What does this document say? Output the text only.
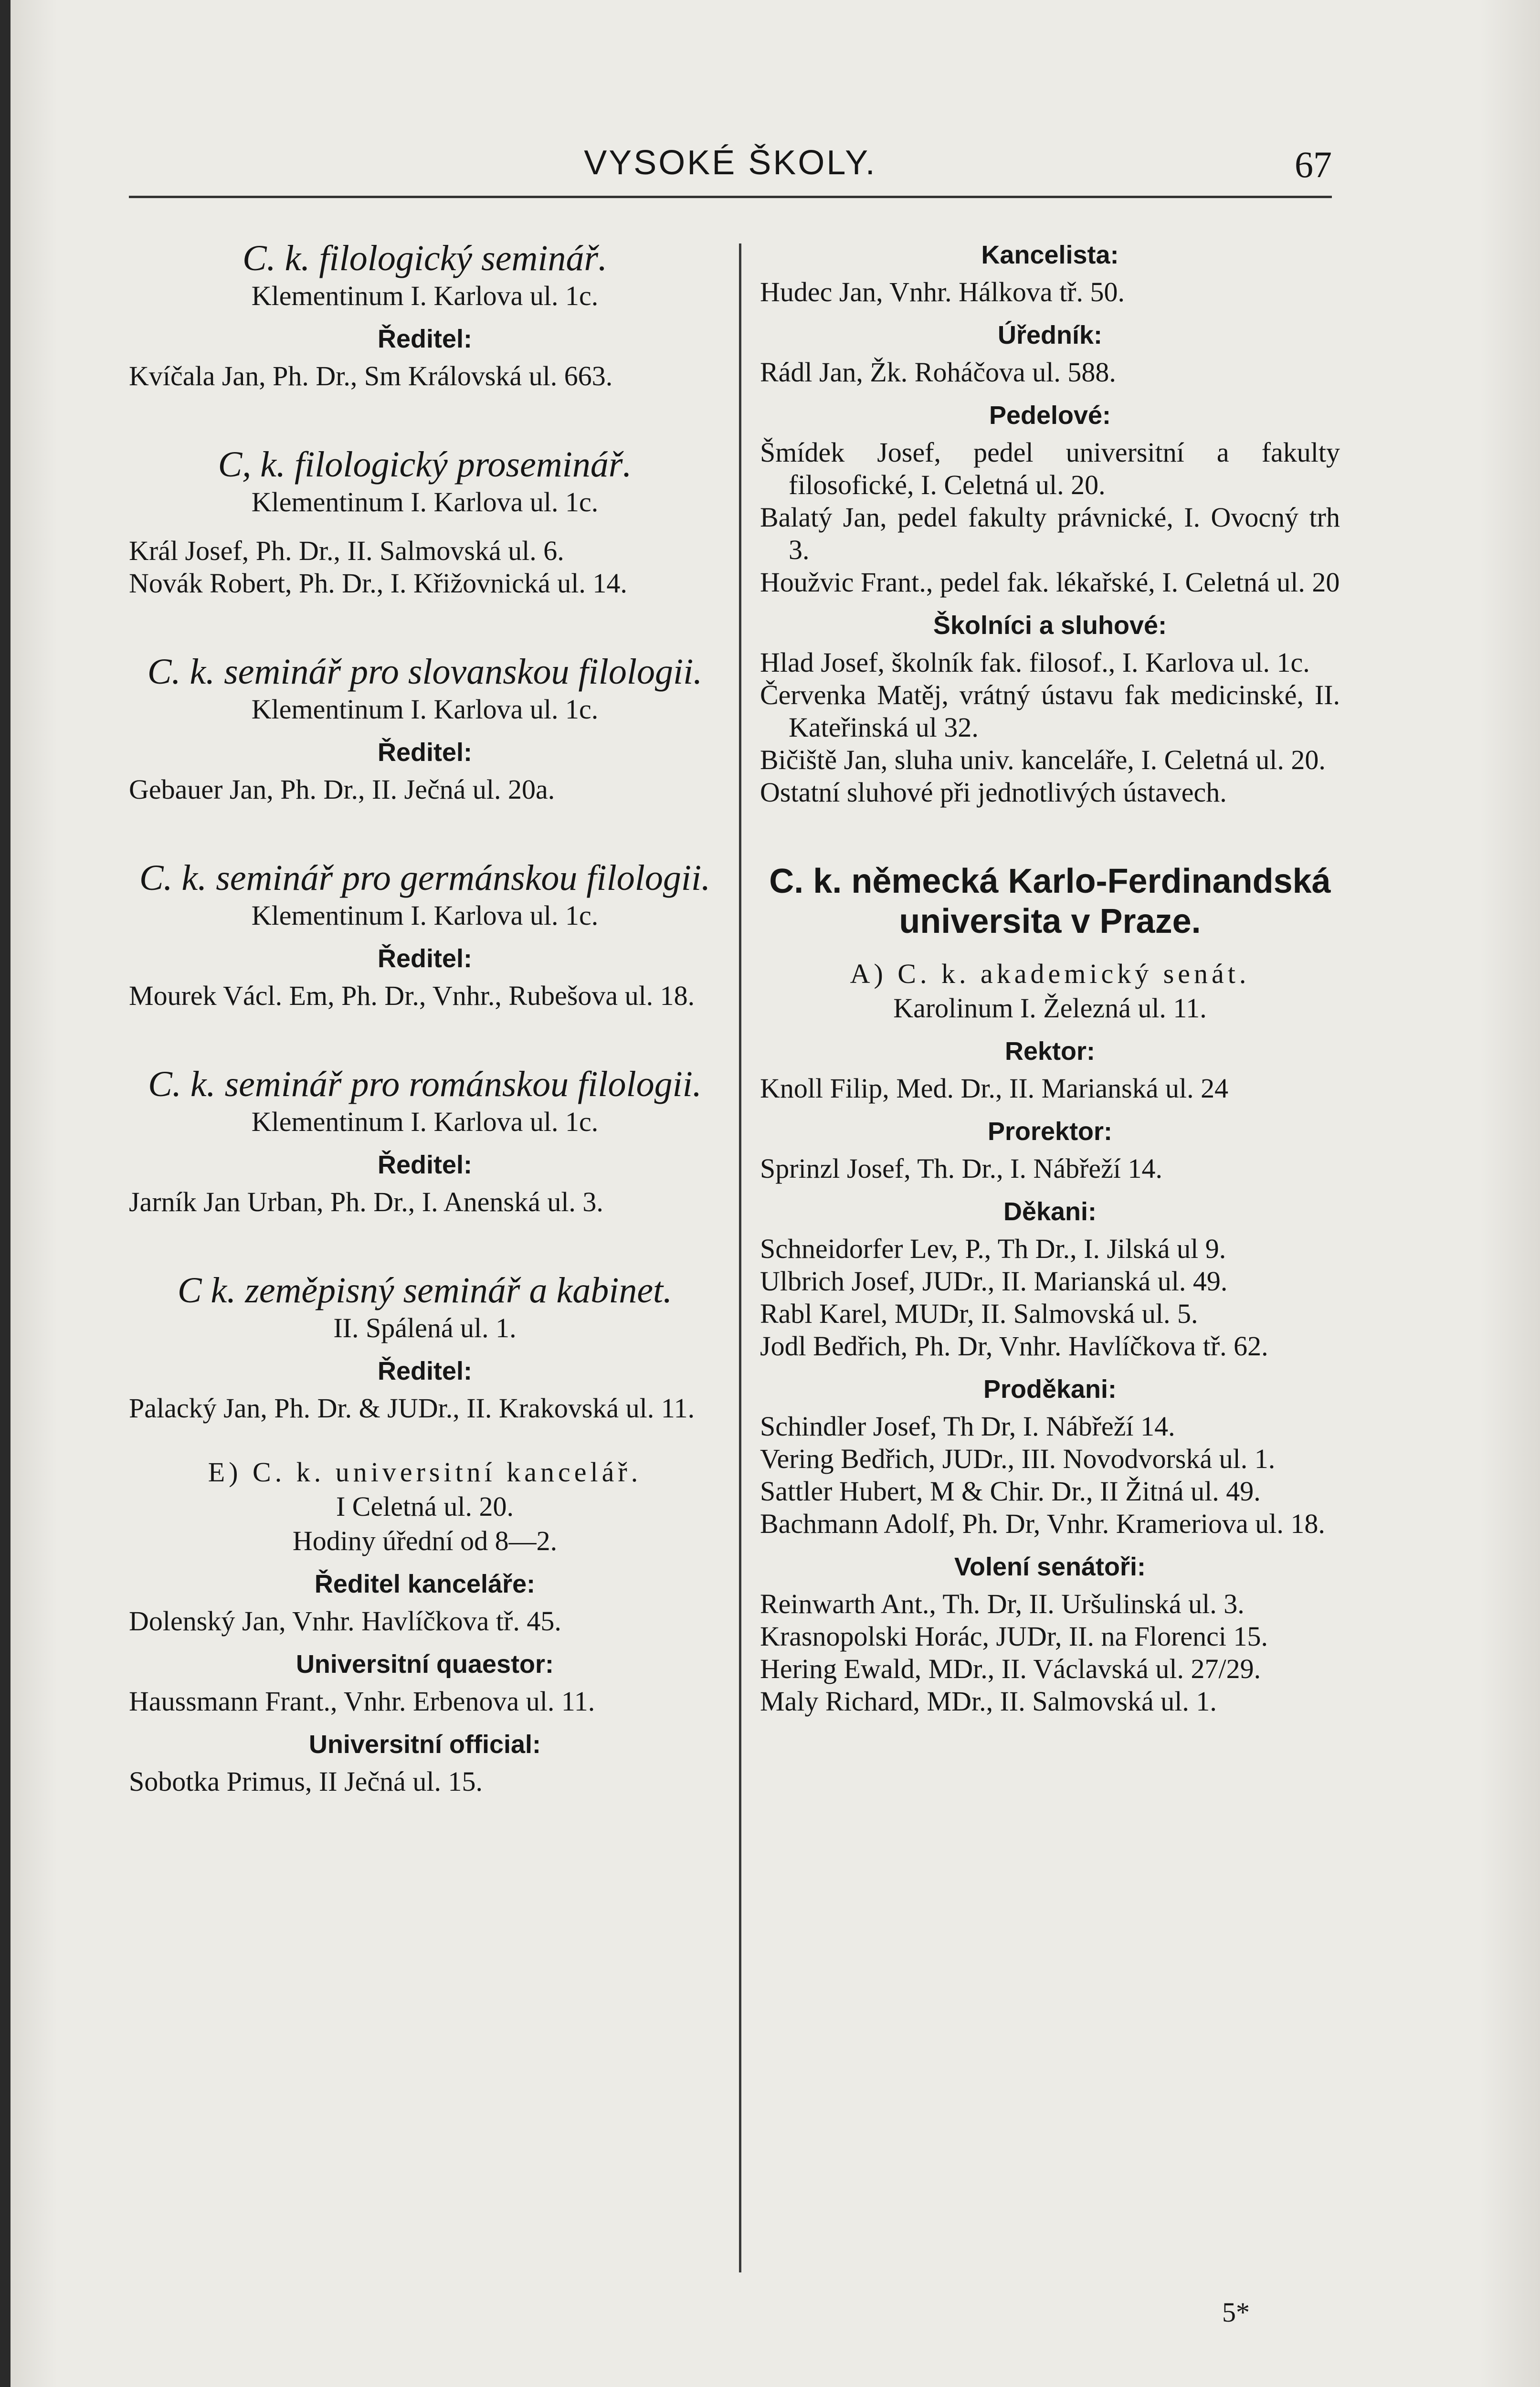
VYSOKÉ ŠKOLY.	67

C. k. filologický seminář.

Klementinum I. Karlova ul. 1c.
Ředitel:

Kvíčala Jan, Ph. Dr., Sm Královská ul. 663.

C, k. filologický proseminář.

Klementinum I. Karlova ul. 1c.

Král Josef, Ph. Dr., II. Salmovská ul. 6.

Novák Robert, Ph. Dr., I. Křižovnická ul. 14.

C. k. seminář pro slovanskou filologii.

Klementinum I. Karlova ul. 1c.
Ředitel:

Gebauer Jan, Ph. Dr., II. Ječná ul. 20a.

C. k. seminář pro germánskou filologii.

Klementinum I. Karlova ul. 1c.
Ředitel:

Mourek Václ. Em, Ph. Dr., Vnhr., Rubešova ul. 18.

C. k. seminář pro románskou filologii.

Klementinum I. Karlova ul. 1c.
Ředitel:

Jarník Jan Urban, Ph. Dr., I. Anenská ul. 3.

C k. zeměpisný seminář a kabinet.

II. Spálená ul. 1.
Ředitel:

Palacký Jan, Ph. Dr. & JUDr., II. Krakovská ul. 11.

E) C. k. universitní kancelář.
I Celetná ul. 20.
Hodiny úřední od 8—2.
Ředitel kanceláře:

Dolenský Jan, Vnhr. Havlíčkova tř. 45.

Universitní quaestor:

Haussmann Frant., Vnhr. Erbenova ul. 11.

Universitní official:

Sobotka Primus, II Ječná ul. 15.

Kancelista:

Hudec Jan, Vnhr. Hálkova tř. 50.

Úředník:

Rádl Jan, Žk. Roháčova ul. 588.

Pedelové:

Šmídek Josef, pedel universitní a fakulty filosofické, I. Celetná ul. 20.

Balatý Jan, pedel fakulty právnické, I. Ovocný trh 3.

Houžvic Frant., pedel fak. lékařské, I. Celetná ul. 20

Školníci a sluhové:

Hlad Josef, školník fak. filosof., I. Karlova ul. 1c.

Červenka Matěj, vrátný ústavu fak medicinské, II. Kateřinská ul 32.

Bičiště Jan, sluha univ. kanceláře, I. Celetná ul. 20.

Ostatní sluhové při jednotlivých ústavech.

C. k. německá Karlo-Ferdinandská universita v Praze.

A) C. k. akademický senát.
Karolinum I. Železná ul. 11.
Rektor:

Knoll Filip, Med. Dr., II. Marianská ul. 24

Prorektor:

Sprinzl Josef, Th. Dr., I. Nábřeží 14.

Děkani:

Schneidorfer Lev, P., Th Dr., I. Jilská ul 9.

Ulbrich Josef, JUDr., II. Marianská ul. 49.

Rabl Karel, MUDr, II. Salmovská ul. 5.

Jodl Bedřich, Ph. Dr, Vnhr. Havlíčkova tř. 62.

Proděkani:

Schindler Josef, Th Dr, I. Nábřeží 14.

Vering Bedřich, JUDr., III. Novodvorská ul. 1.

Sattler Hubert, M & Chir. Dr., II Žitná ul. 49.

Bachmann Adolf, Ph. Dr, Vnhr. Krameriova ul. 18.

Volení senátoři:

Reinwarth Ant., Th. Dr, II. Uršulinská ul. 3.

Krasnopolski Horác, JUDr, II. na Florenci 15.

Hering Ewald, MDr., II. Václavská ul. 27/29.

Maly Richard, MDr., II. Salmovská ul. 1.

5*
